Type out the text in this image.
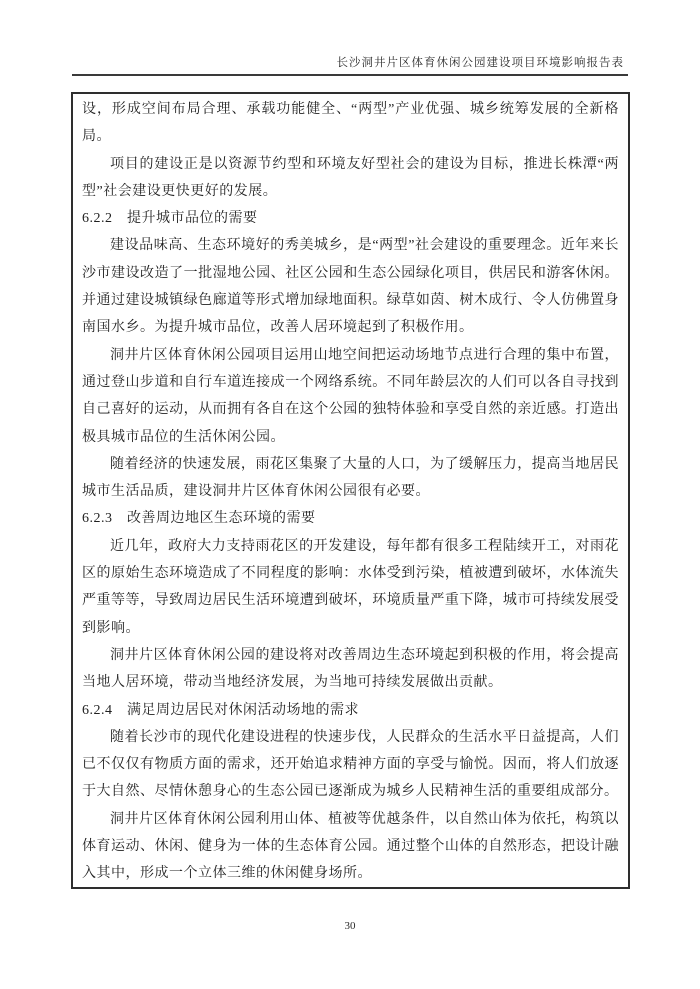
长沙洞井片区体育休闲公园建设项目环境影响报告表
设，形成空间布局合理、承载功能健全、“两型”产业优强、城乡统筹发展的全新格局。
项目的建设正是以资源节约型和环境友好型社会的建设为目标，推进长株潭“两型”社会建设更快更好的发展。
6.2.2　提升城市品位的需要
建设品味高、生态环境好的秀美城乡，是“两型”社会建设的重要理念。近年来长沙市建设改造了一批湿地公园、社区公园和生态公园绿化项目，供居民和游客休闲。并通过建设城镇绿色廊道等形式增加绿地面积。绿草如茵、树木成行、令人仿佛置身南国水乡。为提升城市品位，改善人居环境起到了积极作用。
洞井片区体育休闲公园项目运用山地空间把运动场地节点进行合理的集中布置，通过登山步道和自行车道连接成一个网络系统。不同年龄层次的人们可以各自寻找到自己喜好的运动，从而拥有各自在这个公园的独特体验和享受自然的亲近感。打造出极具城市品位的生活休闲公园。
随着经济的快速发展，雨花区集聚了大量的人口，为了缓解压力，提高当地居民城市生活品质，建设洞井片区体育休闲公园很有必要。
6.2.3　改善周边地区生态环境的需要
近几年，政府大力支持雨花区的开发建设，每年都有很多工程陆续开工，对雨花区的原始生态环境造成了不同程度的影响：水体受到污染，植被遭到破坏，水体流失严重等等，导致周边居民生活环境遭到破坏，环境质量严重下降，城市可持续发展受到影响。
洞井片区体育休闲公园的建设将对改善周边生态环境起到积极的作用，将会提高当地人居环境，带动当地经济发展，为当地可持续发展做出贡献。
6.2.4　满足周边居民对休闲活动场地的需求
随着长沙市的现代化建设进程的快速步伐，人民群众的生活水平日益提高，人们已不仅仅有物质方面的需求，还开始追求精神方面的享受与愉悦。因而，将人们放逐于大自然、尽情休憩身心的生态公园已逐渐成为城乡人民精神生活的重要组成部分。
洞井片区体育休闲公园利用山体、植被等优越条件，以自然山体为依托，构筑以体育运动、休闲、健身为一体的生态体育公园。通过整个山体的自然形态，把设计融入其中，形成一个立体三维的休闲健身场所。
30
